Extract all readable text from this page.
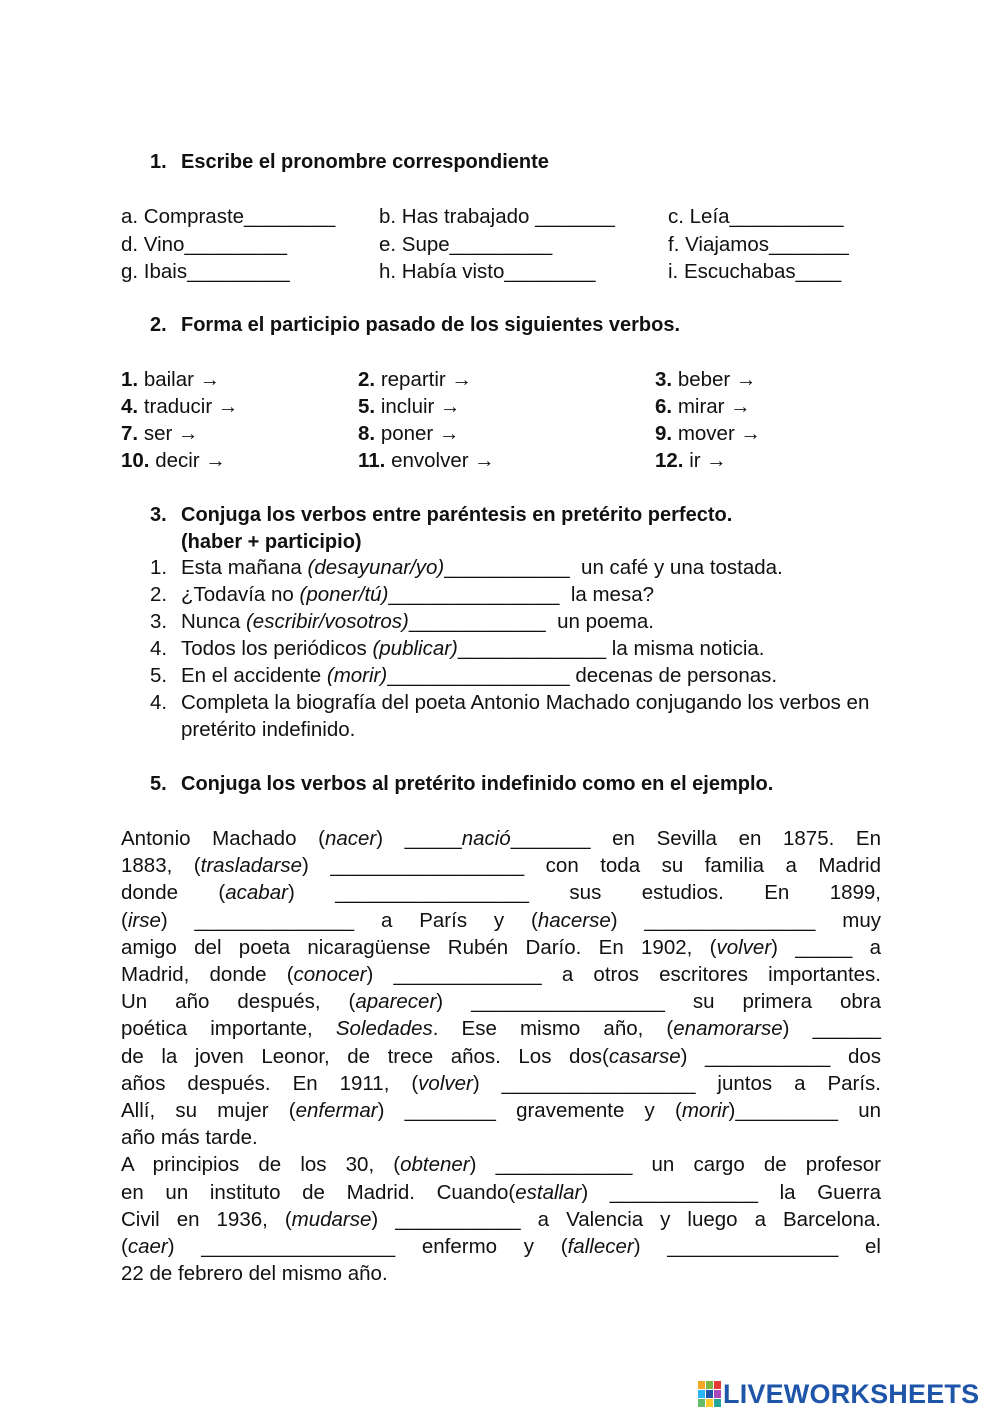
1. Escribe el pronombre correspondiente
a. Compraste________ b. Has trabajado _______	c. Leía__________
d. Vino_________	e. Supe_________	f. Viajamos_______
g. Ibais_________	h. Había visto________	i. Escuchabas____
2. Forma el participio pasado de los siguientes verbos.
1. bailar →	2. repartir →	3. beber →
4. traducir →	5. incluir →	6. mirar →
7. ser →	8. poner →	9. mover →
10. decir →	11. envolver →	12. ir →
3. Conjuga los verbos entre paréntesis en pretérito perfecto.
(haber + participio)
1. Esta mañana (desayunar/yo)___________  un café y una tostada.
2. ¿Todavía no (poner/tú)_______________  la mesa?
3. Nunca (escribir/vosotros)____________  un poema.
4. Todos los periódicos (publicar)_____________ la misma noticia.
5. En el accidente (morir)________________ decenas de personas.
4. Completa la biografía del poeta Antonio Machado conjugando los verbos en pretérito indefinido.
5. Conjuga los verbos al pretérito indefinido como en el ejemplo.
Antonio Machado (nacer) _____nació_______ en Sevilla en 1875. En
1883, (trasladarse) _________________ con toda su familia a Madrid
donde (acabar) _________________ sus estudios. En 1899,
(irse) ______________ a París y (hacerse) _______________ muy
amigo del poeta nicaragüense Rubén Darío. En 1902, (volver) _____ a
Madrid, donde (conocer) _____________ a otros escritores importantes.
Un año después, (aparecer) _________________ su primera obra
poética importante, Soledades. Ese mismo año, (enamorarse) ______
de la joven Leonor, de trece años. Los dos(casarse) ___________ dos
años después. En 1911, (volver) _________________ juntos a París.
Allí, su mujer (enfermar) ________ gravemente y (morir)_________ un
año más tarde.
A principios de los 30, (obtener) ____________ un cargo de profesor
en un instituto de Madrid. Cuando(estallar) _____________ la Guerra
Civil en 1936, (mudarse) ___________ a Valencia y luego a Barcelona.
(caer) _________________ enfermo y (fallecer) _______________ el
22 de febrero del mismo año.
LIVEWORKSHEETS
